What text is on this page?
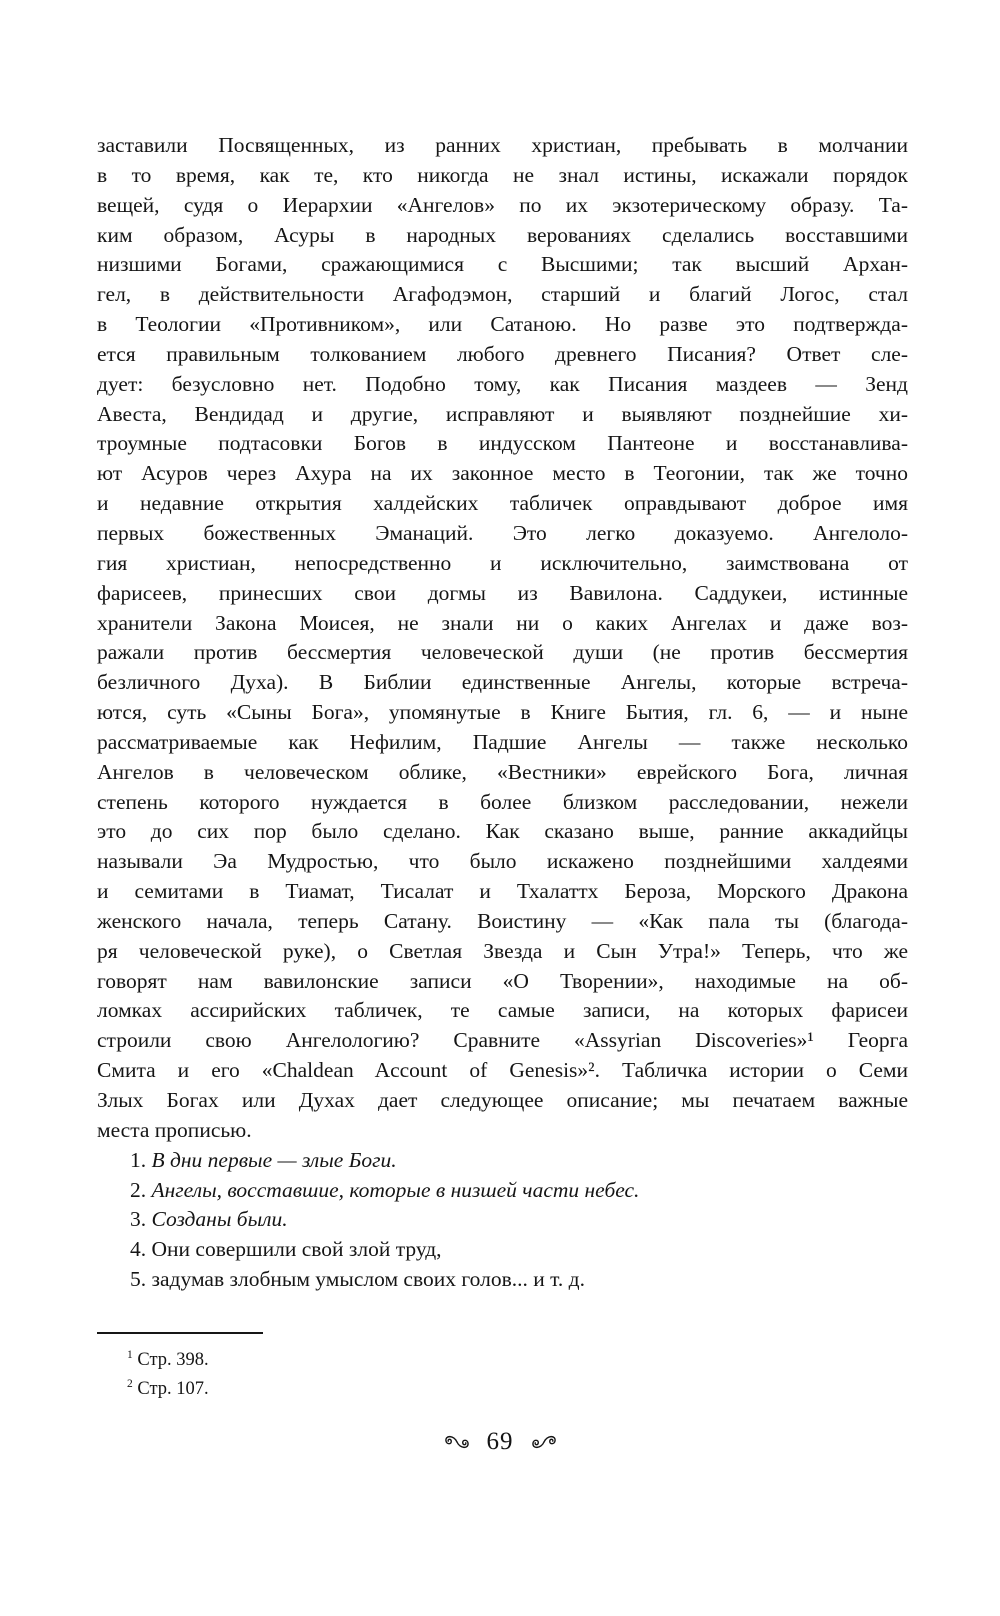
заставили Посвященных, из ранних христиан, пребывать в молчании
в то время, как те, кто никогда не знал истины, искажали порядок
вещей, судя о Иерархии «Ангелов» по их экзотерическому образу. Та-
ким образом, Асуры в народных верованиях сделались восставшими
низшими Богами, сражающимися с Высшими; так высший Архан-
гел, в действительности Агафодэмон, старший и благий Логос, стал
в Теологии «Противником», или Сатаною. Но разве это подтвержда-
ется правильным толкованием любого древнего Писания? Ответ сле-
дует: безусловно нет. Подобно тому, как Писания маздеев — Зенд
Авеста, Вендидад и другие, исправляют и выявляют позднейшие хи-
троумные подтасовки Богов в индусском Пантеоне и восстанавлива-
ют Асуров через Ахура на их законное место в Теогонии, так же точно
и недавние открытия халдейских табличек оправдывают доброе имя
первых божественных Эманаций. Это легко доказуемо. Ангелоло-
гия христиан, непосредственно и исключительно, заимствована от
фарисеев, принесших свои догмы из Вавилона. Саддукеи, истинные
хранители Закона Моисея, не знали ни о каких Ангелах и даже воз-
ражали против бессмертия человеческой души (не против бессмертия
безличного Духа). В Библии единственные Ангелы, которые встреча-
ются, суть «Сыны Бога», упомянутые в Книге Бытия, гл. 6, — и ныне
рассматриваемые как Нефилим, Падшие Ангелы — также несколько
Ангелов в человеческом облике, «Вестники» еврейского Бога, личная
степень которого нуждается в более близком расследовании, нежели
это до сих пор было сделано. Как сказано выше, ранние аккадийцы
называли Эа Мудростью, что было искажено позднейшими халдеями
и семитами в Тиамат, Тисалат и Тхалаттх Бероза, Морского Дракона
женского начала, теперь Сатану. Воистину — «Как пала ты (благода-
ря человеческой руке), о Светлая Звезда и Сын Утра!» Теперь, что же
говорят нам вавилонские записи «О Творении», находимые на об-
ломках ассирийских табличек, те самые записи, на которых фарисеи
строили свою Ангелологию? Сравните «Assyrian Discoveries»¹ Георга
Смита и его «Chaldean Account of Genesis»². Табличка истории о Семи
Злых Богах или Духах дает следующее описание; мы печатаем важные
места прописью.
1. В дни первые — злые Боги.
2. Ангелы, восставшие, которые в низшей части небес.
3. Созданы были.
4. Они совершили свой злой труд,
5. задумав злобным умыслом своих голов... и т. д.
$^1$ Стр. 398.
$^2$ Стр. 107.
69
